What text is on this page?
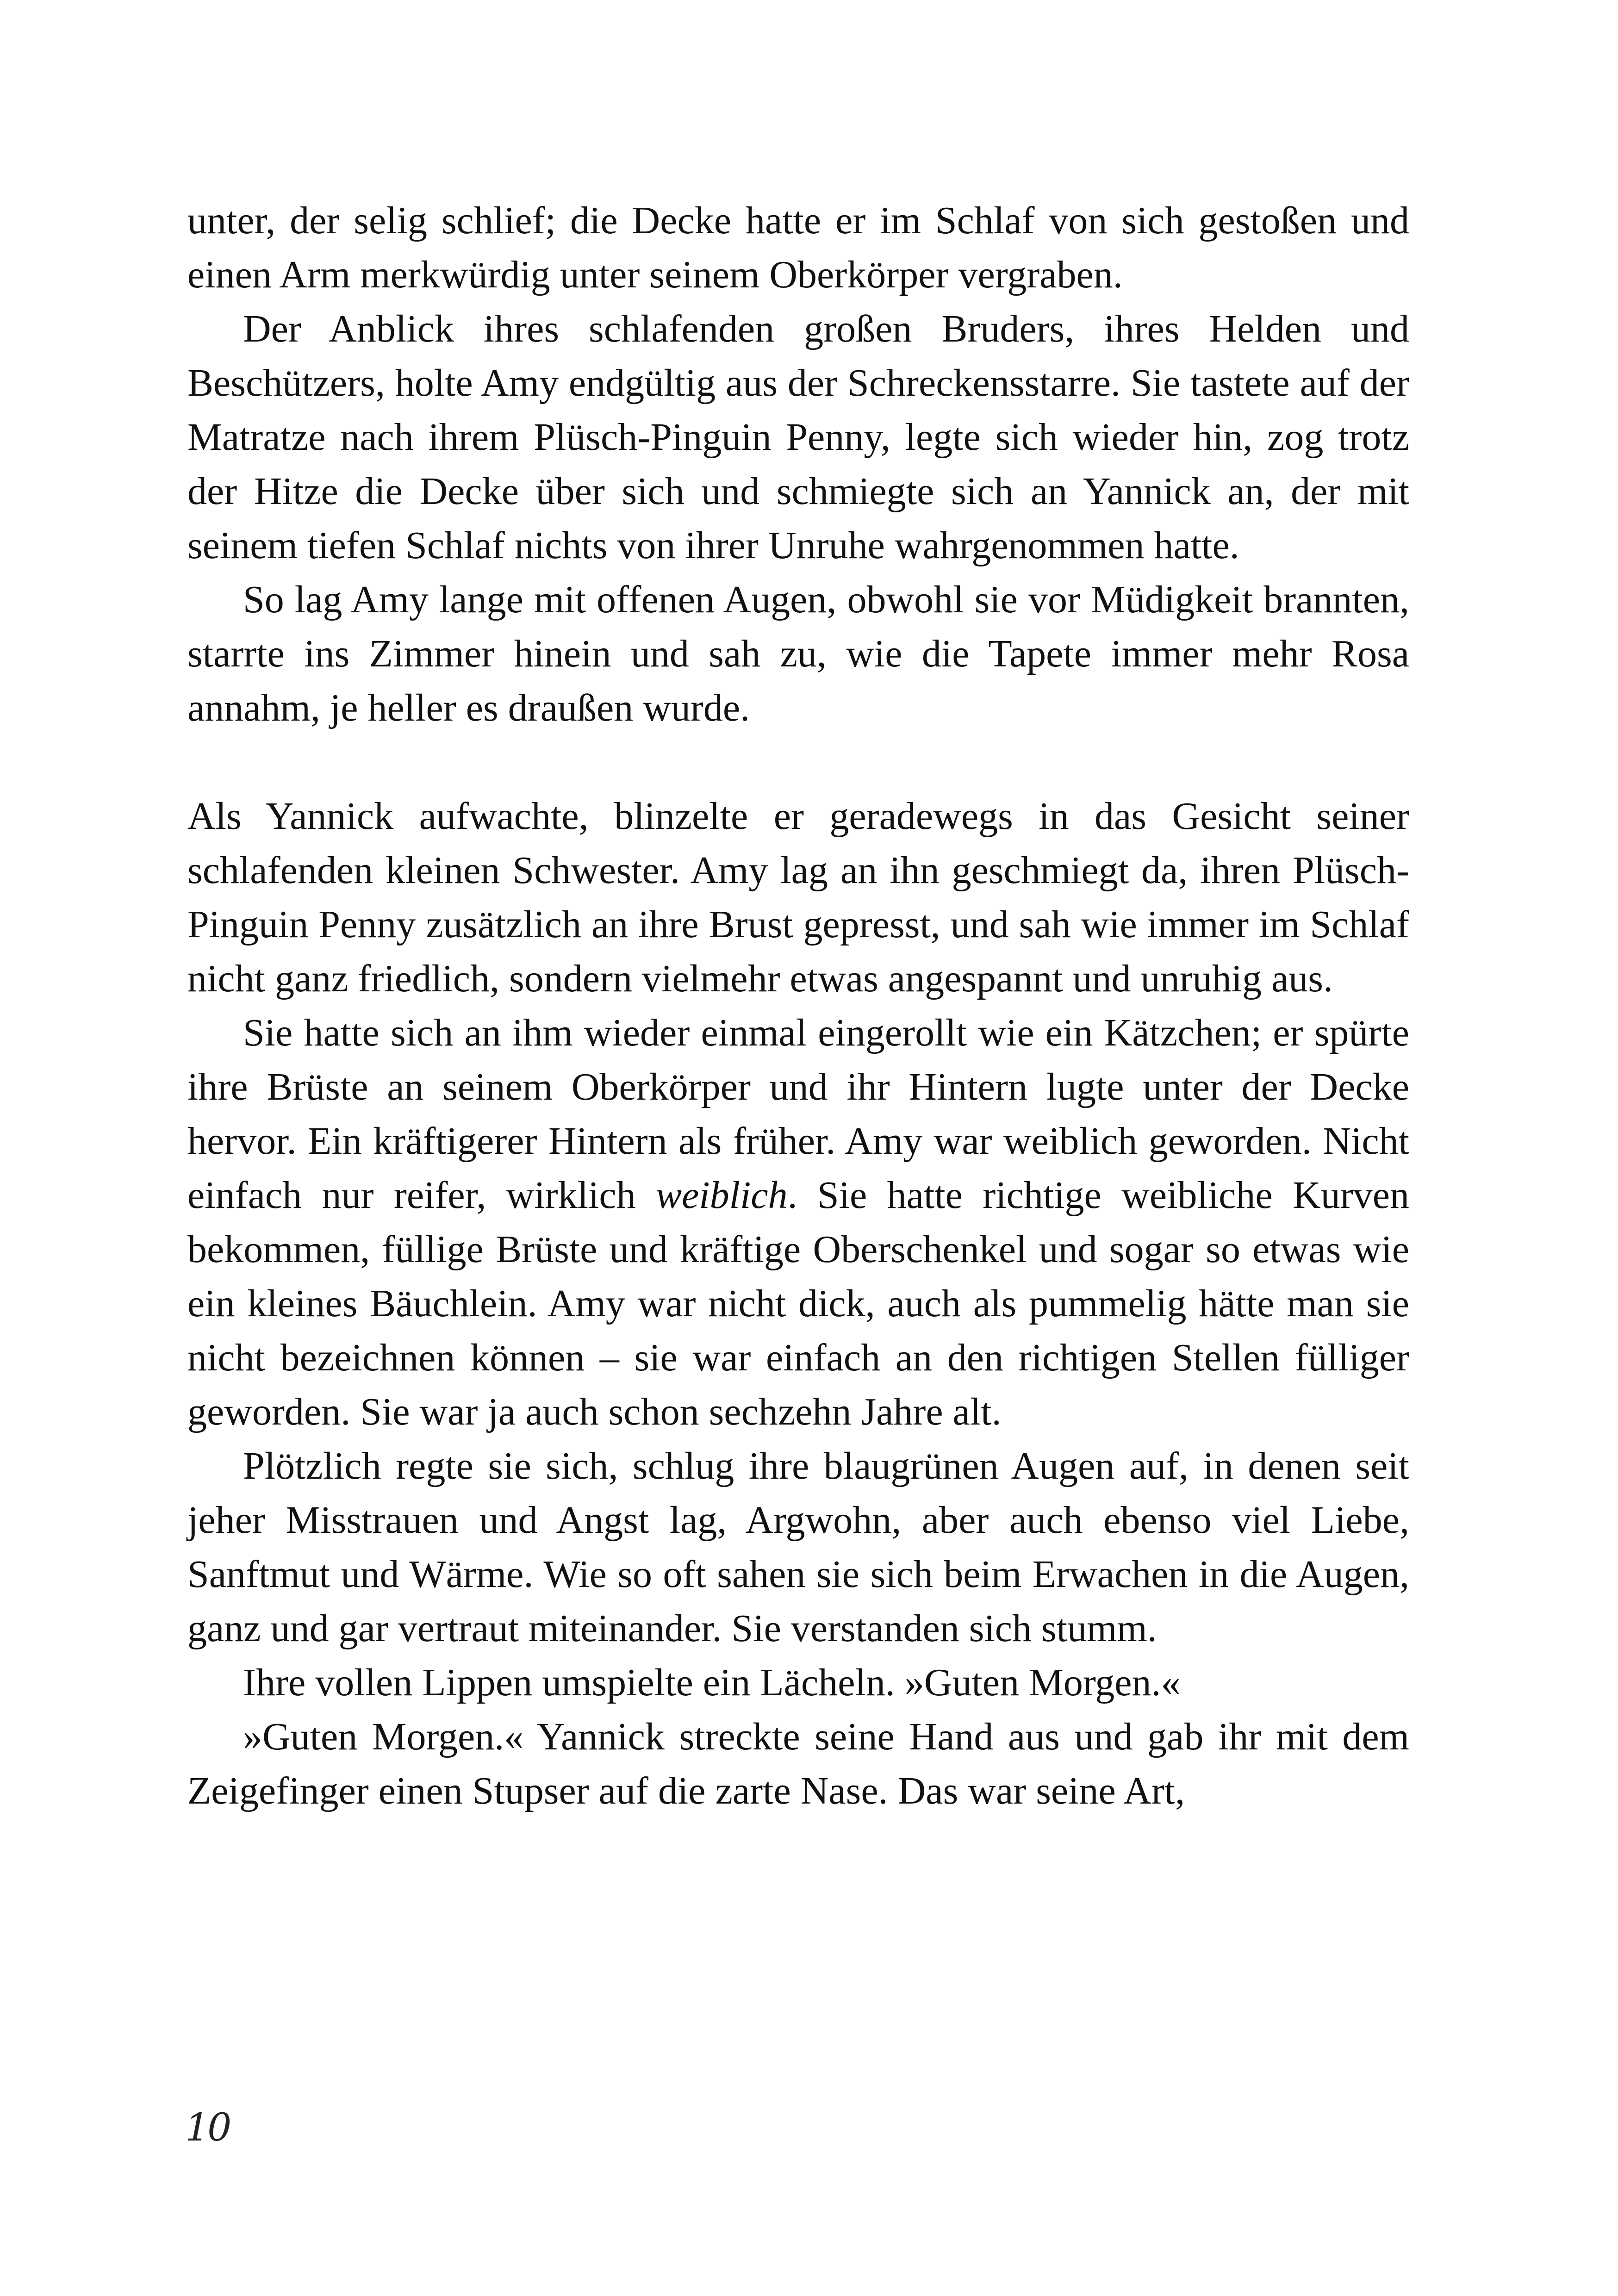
unter, der selig schlief; die Decke hatte er im Schlaf von sich gestoßen und einen Arm merkwürdig unter seinem Oberkörper vergraben.

Der Anblick ihres schlafenden großen Bruders, ihres Helden und Beschützers, holte Amy endgültig aus der Schreckensstarre. Sie tastete auf der Matratze nach ihrem Plüsch-Pinguin Penny, legte sich wieder hin, zog trotz der Hitze die Decke über sich und schmiegte sich an Yannick an, der mit seinem tiefen Schlaf nichts von ihrer Unruhe wahrgenommen hatte.

So lag Amy lange mit offenen Augen, obwohl sie vor Müdigkeit brannten, starrte ins Zimmer hinein und sah zu, wie die Tapete immer mehr Rosa annahm, je heller es draußen wurde.

Als Yannick aufwachte, blinzelte er geradewegs in das Gesicht seiner schlafenden kleinen Schwester. Amy lag an ihn geschmiegt da, ihren Plüsch-Pinguin Penny zusätzlich an ihre Brust gepresst, und sah wie immer im Schlaf nicht ganz friedlich, sondern vielmehr etwas angespannt und unruhig aus.

Sie hatte sich an ihm wieder einmal eingerollt wie ein Kätzchen; er spürte ihre Brüste an seinem Oberkörper und ihr Hintern lugte unter der Decke hervor. Ein kräftigerer Hintern als früher. Amy war weiblich geworden. Nicht einfach nur reifer, wirklich weiblich. Sie hatte richtige weibliche Kurven bekommen, füllige Brüste und kräftige Oberschenkel und sogar so etwas wie ein kleines Bäuchlein. Amy war nicht dick, auch als pummelig hätte man sie nicht bezeichnen können – sie war einfach an den richtigen Stellen fülliger geworden. Sie war ja auch schon sechzehn Jahre alt.

Plötzlich regte sie sich, schlug ihre blaugrünen Augen auf, in denen seit jeher Misstrauen und Angst lag, Argwohn, aber auch ebenso viel Liebe, Sanftmut und Wärme. Wie so oft sahen sie sich beim Erwachen in die Augen, ganz und gar vertraut miteinander. Sie verstanden sich stumm.

Ihre vollen Lippen umspielte ein Lächeln. »Guten Morgen.«

»Guten Morgen.« Yannick streckte seine Hand aus und gab ihr mit dem Zeigefinger einen Stupser auf die zarte Nase. Das war seine Art,

10
